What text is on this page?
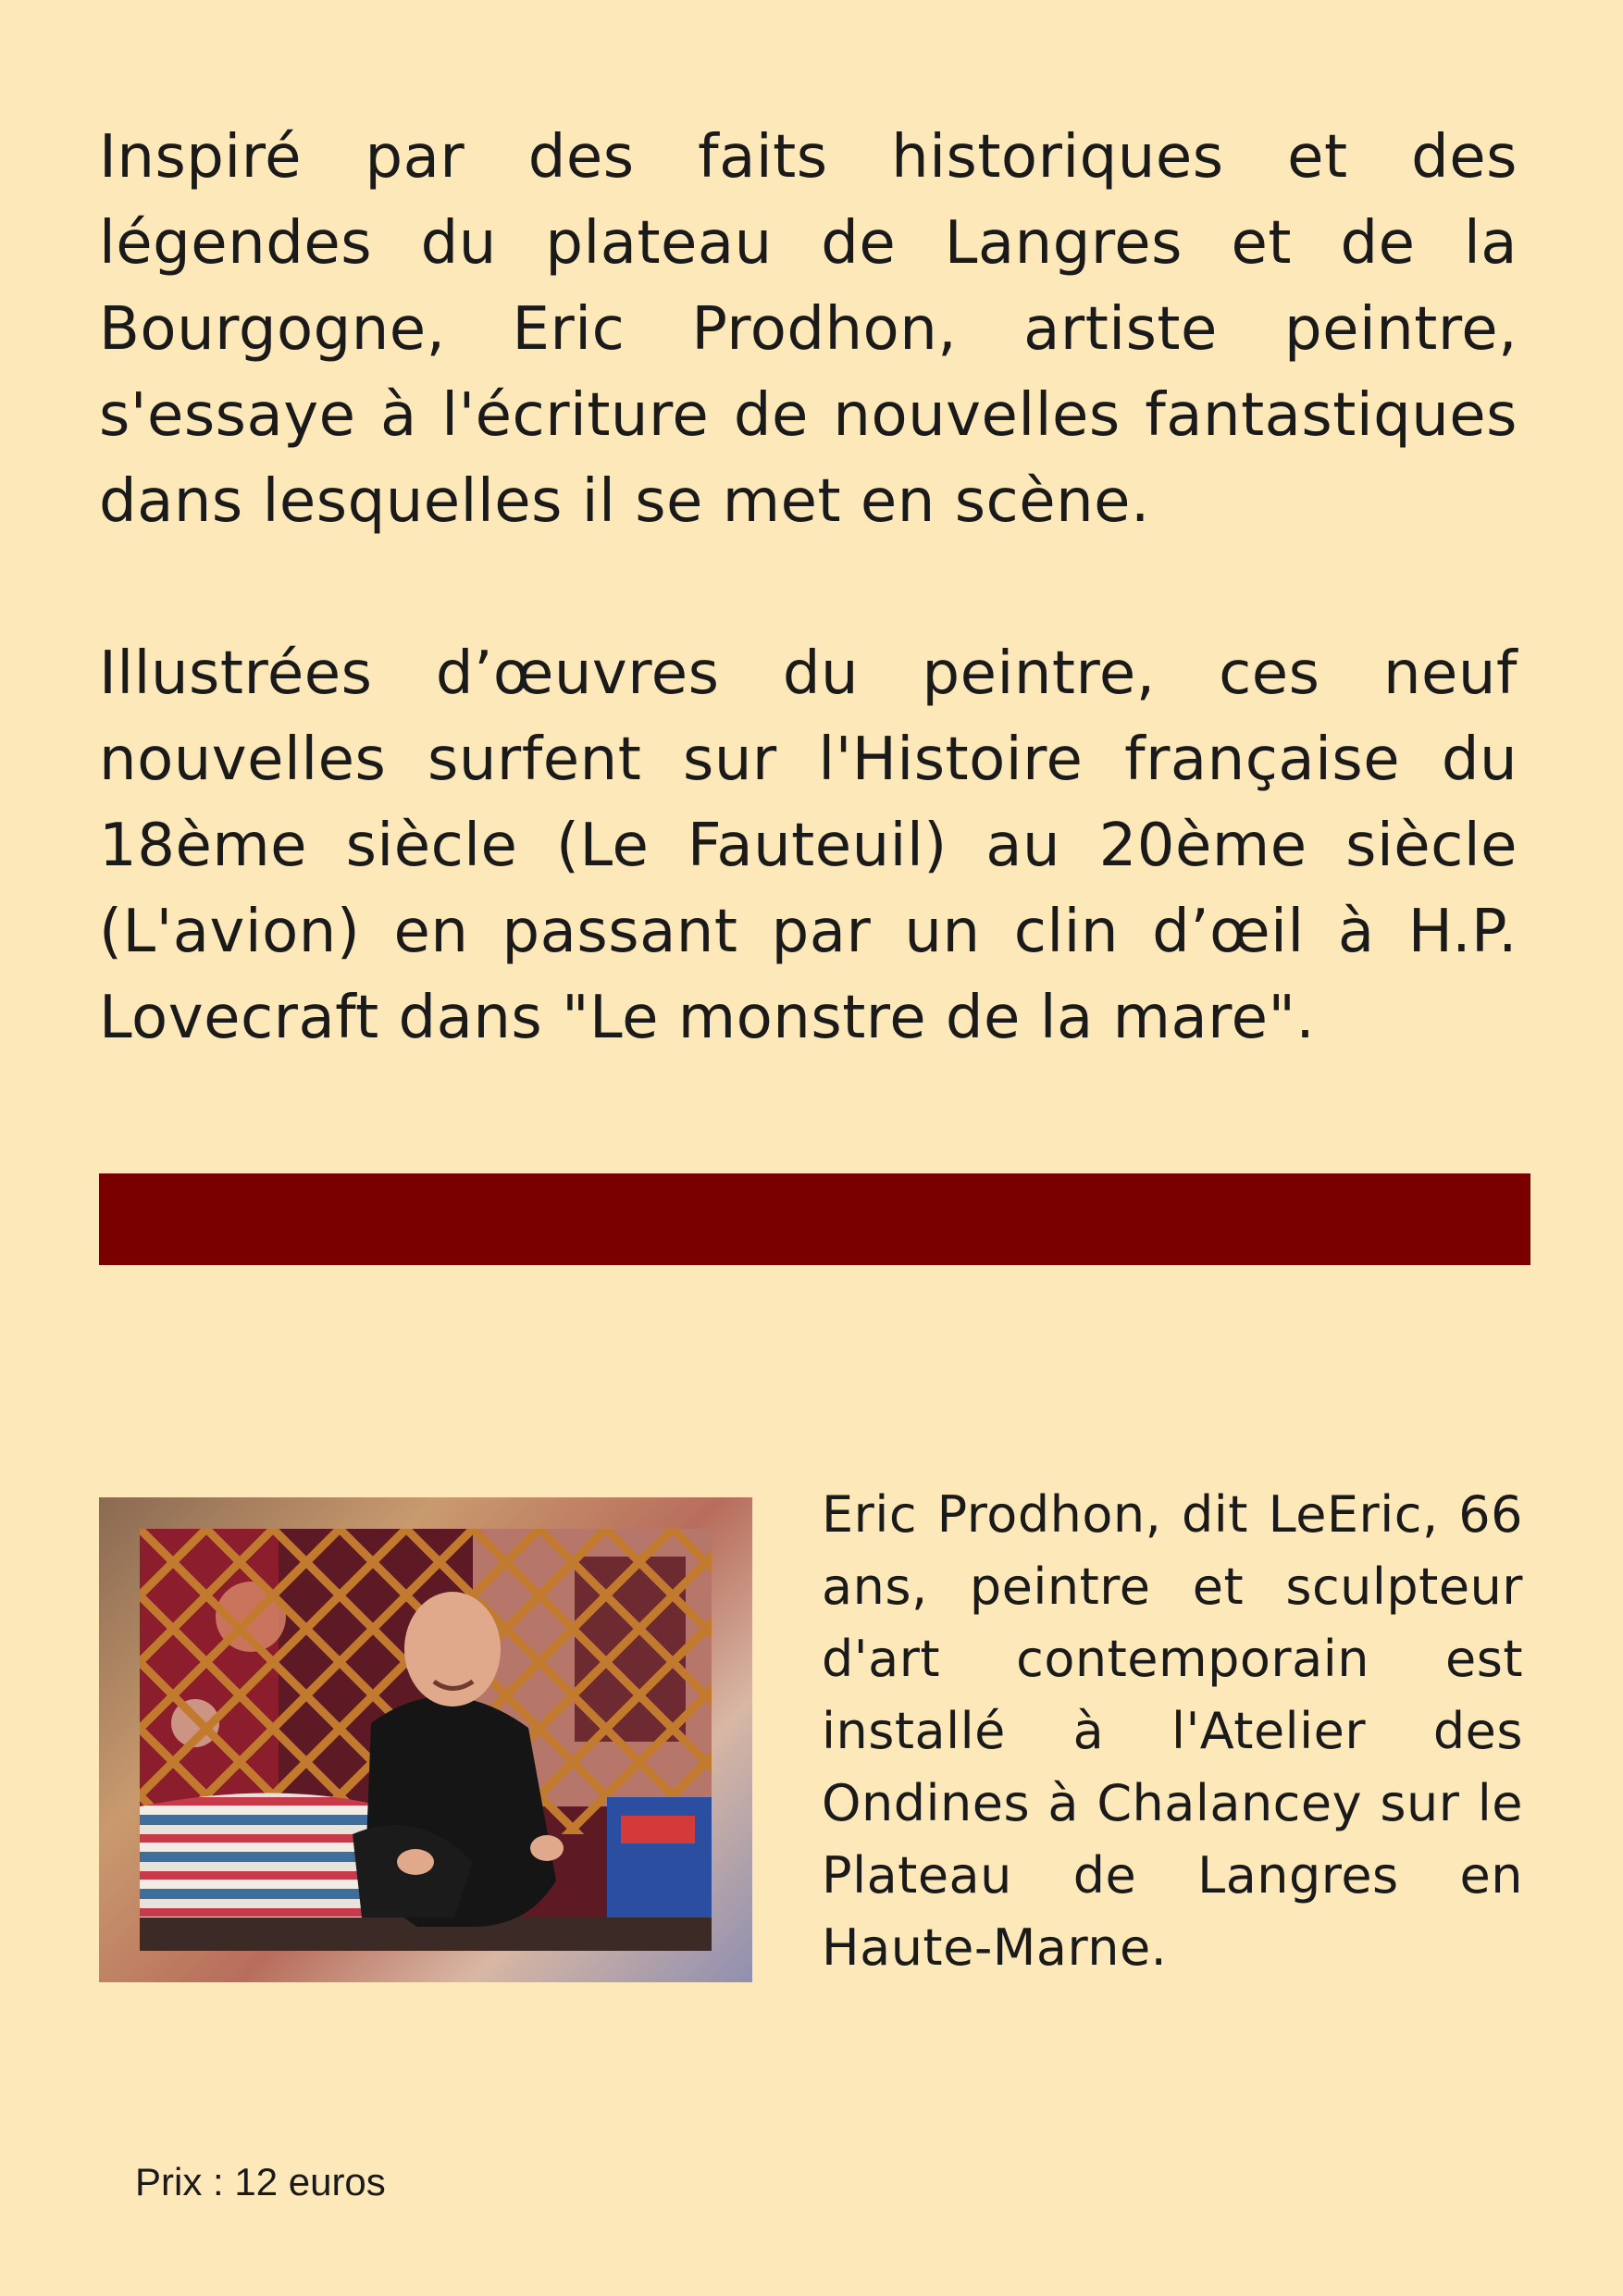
Inspiré par des faits historiques et des légendes du plateau de Langres et de la Bourgogne, Eric Prodhon, artiste peintre, s'essaye à l'écriture de nouvelles fantastiques dans lesquelles il se met en scène.

Illustrées d’œuvres du peintre, ces neuf nouvelles surfent sur l'Histoire française du 18ème siècle (Le Fauteuil) au 20ème siècle (L'avion) en passant par un clin d’œil à H.P. Lovecraft dans "Le monstre de la mare".

Eric Prodhon, dit LeEric, 66 ans, peintre et sculpteur d'art contemporain est installé à l'Atelier des Ondines à Chalancey sur le Plateau de Langres en Haute-Marne.

Prix : 12 euros
